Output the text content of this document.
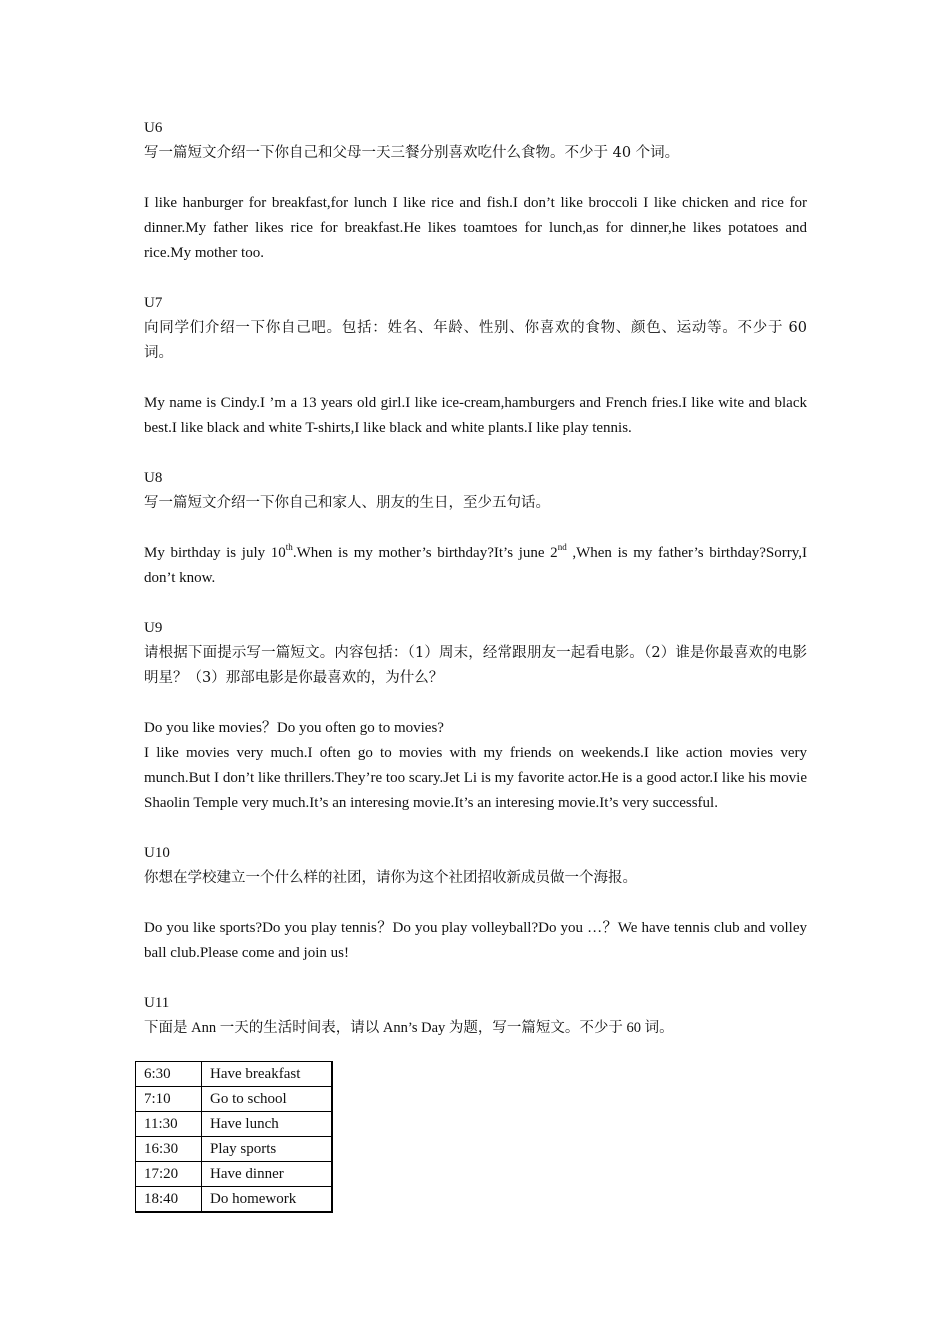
U6

写一篇短文介绍一下你自己和父母一天三餐分别喜欢吃什么食物。不少于 40 个词。

I like hanburger for breakfast,for lunch I like rice and fish.I don’t like broccoli I like chicken and rice for dinner.My father likes rice for breakfast.He likes toamtoes for lunch,as for dinner,he likes potatoes and rice.My mother too.

U7

向同学们介绍一下你自己吧。包括：姓名、年龄、性别、你喜欢的食物、颜色、运动等。不少于 60 词。

My name is Cindy.I ’m a 13 years old girl.I like ice-cream,hamburgers and French fries.I like wite and black best.I like black and white T-shirts,I like black and white plants.I like play tennis.

U8

写一篇短文介绍一下你自己和家人、朋友的生日，至少五句话。

My birthday is july 10th.When is my mother’s birthday?It’s june 2nd ,When is my father’s birthday?Sorry,I don’t know.

U9

请根据下面提示写一篇短文。内容包括：（1）周末，经常跟朋友一起看电影。（2）谁是你最喜欢的电影明星？（3）那部电影是你最喜欢的，为什么？

Do you like movies？Do you often go to movies?

I like movies very much.I often go to movies with my friends on weekends.I like action movies very munch.But I don’t like thrillers.They’re too scary.Jet Li is my favorite actor.He is a good actor.I like his movie Shaolin Temple very much.It’s an interesing movie.It’s an interesing movie.It’s very successful.

U10

你想在学校建立一个什么样的社团，请你为这个社团招收新成员做一个海报。

Do you like sports?Do you play tennis？Do you play volleyball?Do you …？We have tennis club and volley ball club.Please come and join us!

U11

下面是 Ann 一天的生活时间表，请以 Ann’s Day 为题，写一篇短文。不少于 60 词。

6:30	Have breakfast
7:10	Go to school
11:30	Have lunch
16:30	Play sports
17:20	Have dinner
18:40	Do homework
